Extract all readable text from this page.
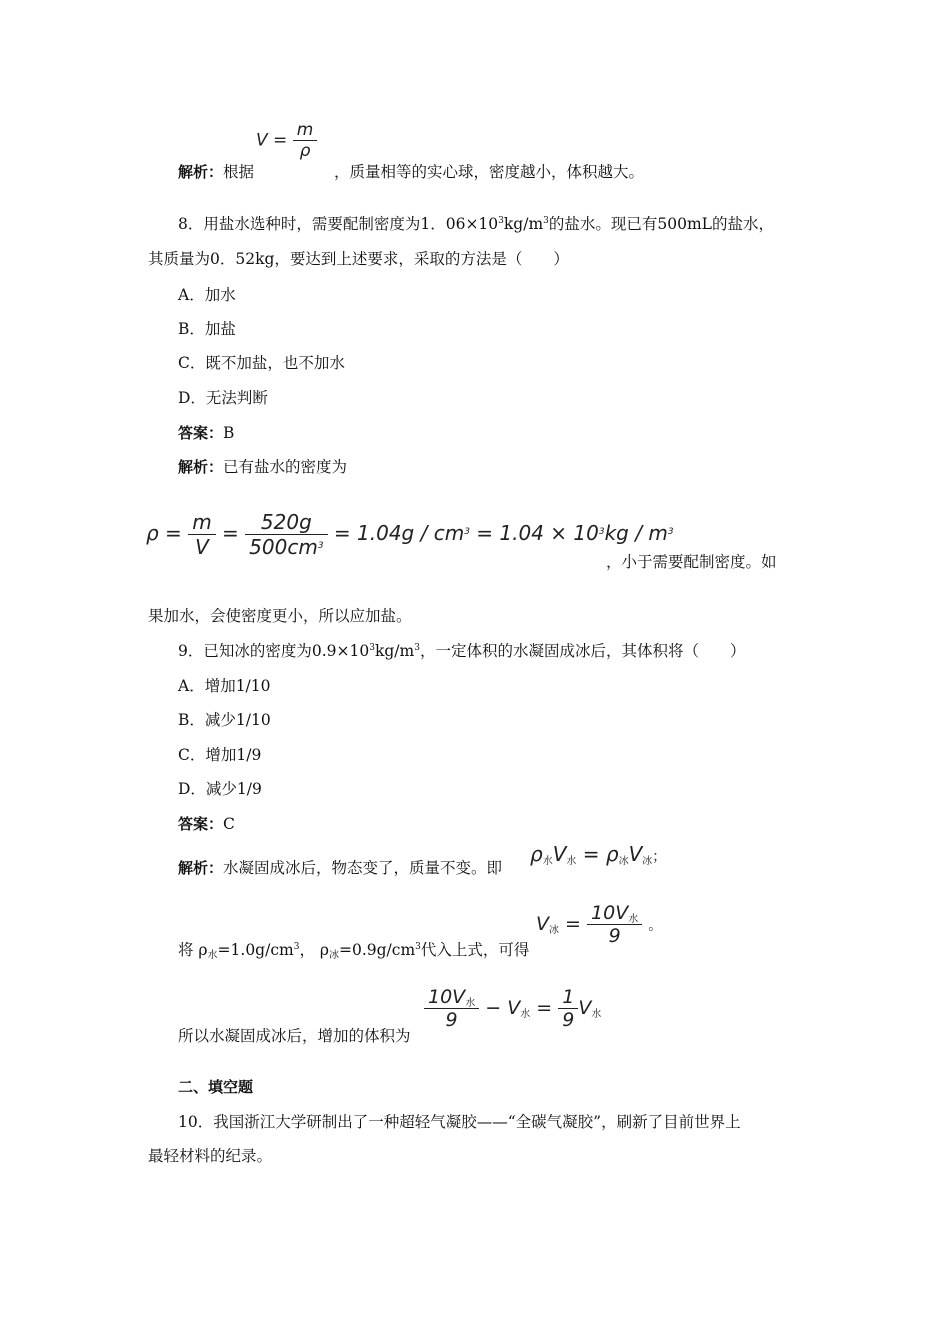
$V = \frac{m}{\rho}$
解析：根据	，质量相等的实心球，密度越小，体积越大。
8．用盐水选种时，需要配制密度为1．$06\times 10^3kg/m^3$的盐水。现已有500mL的盐水，
其质量为0．52kg，要达到上述要求，采取的方法是（　　）
A．加水
B．加盐
C．既不加盐，也不加水
D．无法判断
答案：B
解析：已有盐水的密度为
$\rho = \frac{m}{V} = \frac{520g}{500cm^3} = 1.04g / cm^3 = 1.04 \times 10^3kg / m^3$
，小于需要配制密度。如
果加水，会使密度更小，所以应加盐。
9．已知冰的密度为$0.9\times 10^3kg/m^3$，一定体积的水凝固成冰后，其体积将（　　）
A．增加1/10
B．减少1/10
C．增加1/9
D．减少1/9
答案：C
解析：水凝固成冰后，物态变了，质量不变。即
$\rho_水V_水 = \rho_冰V_冰$；
将 $\rho_水=1.0g/cm^3$， $\rho_冰=0.9g/cm^3$代入上式，可得
$V_冰 = \frac{10V_水}{9}$ 。
所以水凝固成冰后，增加的体积为
$\frac{10V_水}{9} - V_水 = \frac{1}{9} V_水$
二、填空题
10．我国浙江大学研制出了一种超轻气凝胶——“全碳气凝胶”，刷新了目前世界上
最轻材料的纪录。
